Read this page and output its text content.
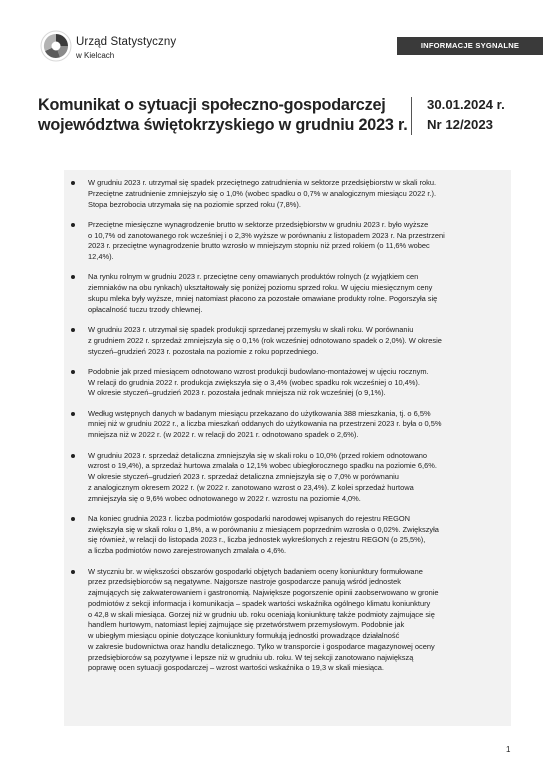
Urząd Statystyczny
w Kielcach
INFORMACJE SYGNALNE
Komunikat o sytuacji społeczno-gospodarczej
województwa świętokrzyskiego w grudniu 2023 r.
30.01.2024 r.
Nr 12/2023
W grudniu 2023 r. utrzymał się spadek przeciętnego zatrudnienia w sektorze przedsiębiorstw w skali roku.
Przeciętne zatrudnienie zmniejszyło się o 1,0% (wobec spadku o 0,7% w analogicznym miesiącu 2022 r.).
Stopa bezrobocia utrzymała się na poziomie sprzed roku (7,8%).
Przeciętne miesięczne wynagrodzenie brutto w sektorze przedsiębiorstw w grudniu 2023 r. było wyższe
o 10,7% od zanotowanego rok wcześniej i o 2,3% wyższe w porównaniu z listopadem 2023 r. Na przestrzeni
2023 r. przeciętne wynagrodzenie brutto wzrosło w mniejszym stopniu niż przed rokiem (o 11,6% wobec
12,4%).
Na rynku rolnym w grudniu 2023 r. przeciętne ceny omawianych produktów rolnych (z wyjątkiem cen
ziemniaków na obu rynkach) ukształtowały się poniżej poziomu sprzed roku. W ujęciu miesięcznym ceny
skupu mleka były wyższe, mniej natomiast płacono za pozostałe omawiane produkty rolne. Pogorszyła się
opłacalność tuczu trzody chlewnej.
W grudniu 2023 r. utrzymał się spadek produkcji sprzedanej przemysłu w skali roku. W porównaniu
z grudniem 2022 r. sprzedaż zmniejszyła się o 0,1% (rok wcześniej odnotowano spadek o 2,0%). W okresie
styczeń–grudzień 2023 r. pozostała na poziomie z roku poprzedniego.
Podobnie jak przed miesiącem odnotowano wzrost produkcji budowlano-montażowej w ujęciu rocznym.
W relacji do grudnia 2022 r. produkcja zwiększyła się o 3,4% (wobec spadku rok wcześniej o 10,4%).
W okresie styczeń–grudzień 2023 r. pozostała jednak mniejsza niż rok wcześniej (o 9,1%).
Według wstępnych danych w badanym miesiącu przekazano do użytkowania 388 mieszkania, tj. o 6,5%
mniej niż w grudniu 2022 r., a liczba mieszkań oddanych do użytkowania na przestrzeni 2023 r. była o 0,5%
mniejsza niż w 2022 r. (w 2022 r. w relacji do 2021 r. odnotowano spadek o 2,6%).
W grudniu 2023 r. sprzedaż detaliczna zmniejszyła się w skali roku o 10,0% (przed rokiem odnotowano
wzrost o 19,4%), a sprzedaż hurtowa zmalała o 12,1% wobec ubiegłorocznego spadku na poziomie 6,6%.
W okresie styczeń–grudzień 2023 r. sprzedaż detaliczna zmniejszyła się o 7,0% w porównaniu
z analogicznym okresem 2022 r. (w 2022 r. zanotowano wzrost o 23,4%). Z kolei sprzedaż hurtowa
zmniejszyła się o 9,6% wobec odnotowanego w 2022 r. wzrostu na poziomie 4,0%.
Na koniec grudnia 2023 r. liczba podmiotów gospodarki narodowej wpisanych do rejestru REGON
zwiększyła się w skali roku o 1,8%, a w porównaniu z miesiącem poprzednim wzrosła o 0,02%. Zwiększyła
się również, w relacji do listopada 2023 r., liczba jednostek wykreślonych z rejestru REGON (o 25,5%),
a liczba podmiotów nowo zarejestrowanych zmalała o 4,6%.
W styczniu br. w większości obszarów gospodarki objętych badaniem oceny koniunktury formułowane
przez przedsiębiorców są negatywne. Najgorsze nastroje gospodarcze panują wśród jednostek
zajmujących się zakwaterowaniem i gastronomią. Największe pogorszenie opinii zaobserwowano w gronie
podmiotów z sekcji informacja i komunikacja – spadek wartości wskaźnika ogólnego klimatu koniunktury
o 42,8 w skali miesiąca. Gorzej niż w grudniu ub. roku oceniają koniunkturę także podmioty zajmujące się
handlem hurtowym, natomiast lepiej zajmujące się przetwórstwem przemysłowym. Podobnie jak
w ubiegłym miesiącu opinie dotyczące koniunktury formułują jednostki prowadzące działalność
w zakresie budownictwa oraz handlu detalicznego. Tylko w transporcie i gospodarce magazynowej oceny
przedsiębiorców są pozytywne i lepsze niż w grudniu ub. roku. W tej sekcji zanotowano największą
poprawę ocen sytuacji gospodarczej – wzrost wartości wskaźnika o 19,3 w skali miesiąca.
1
